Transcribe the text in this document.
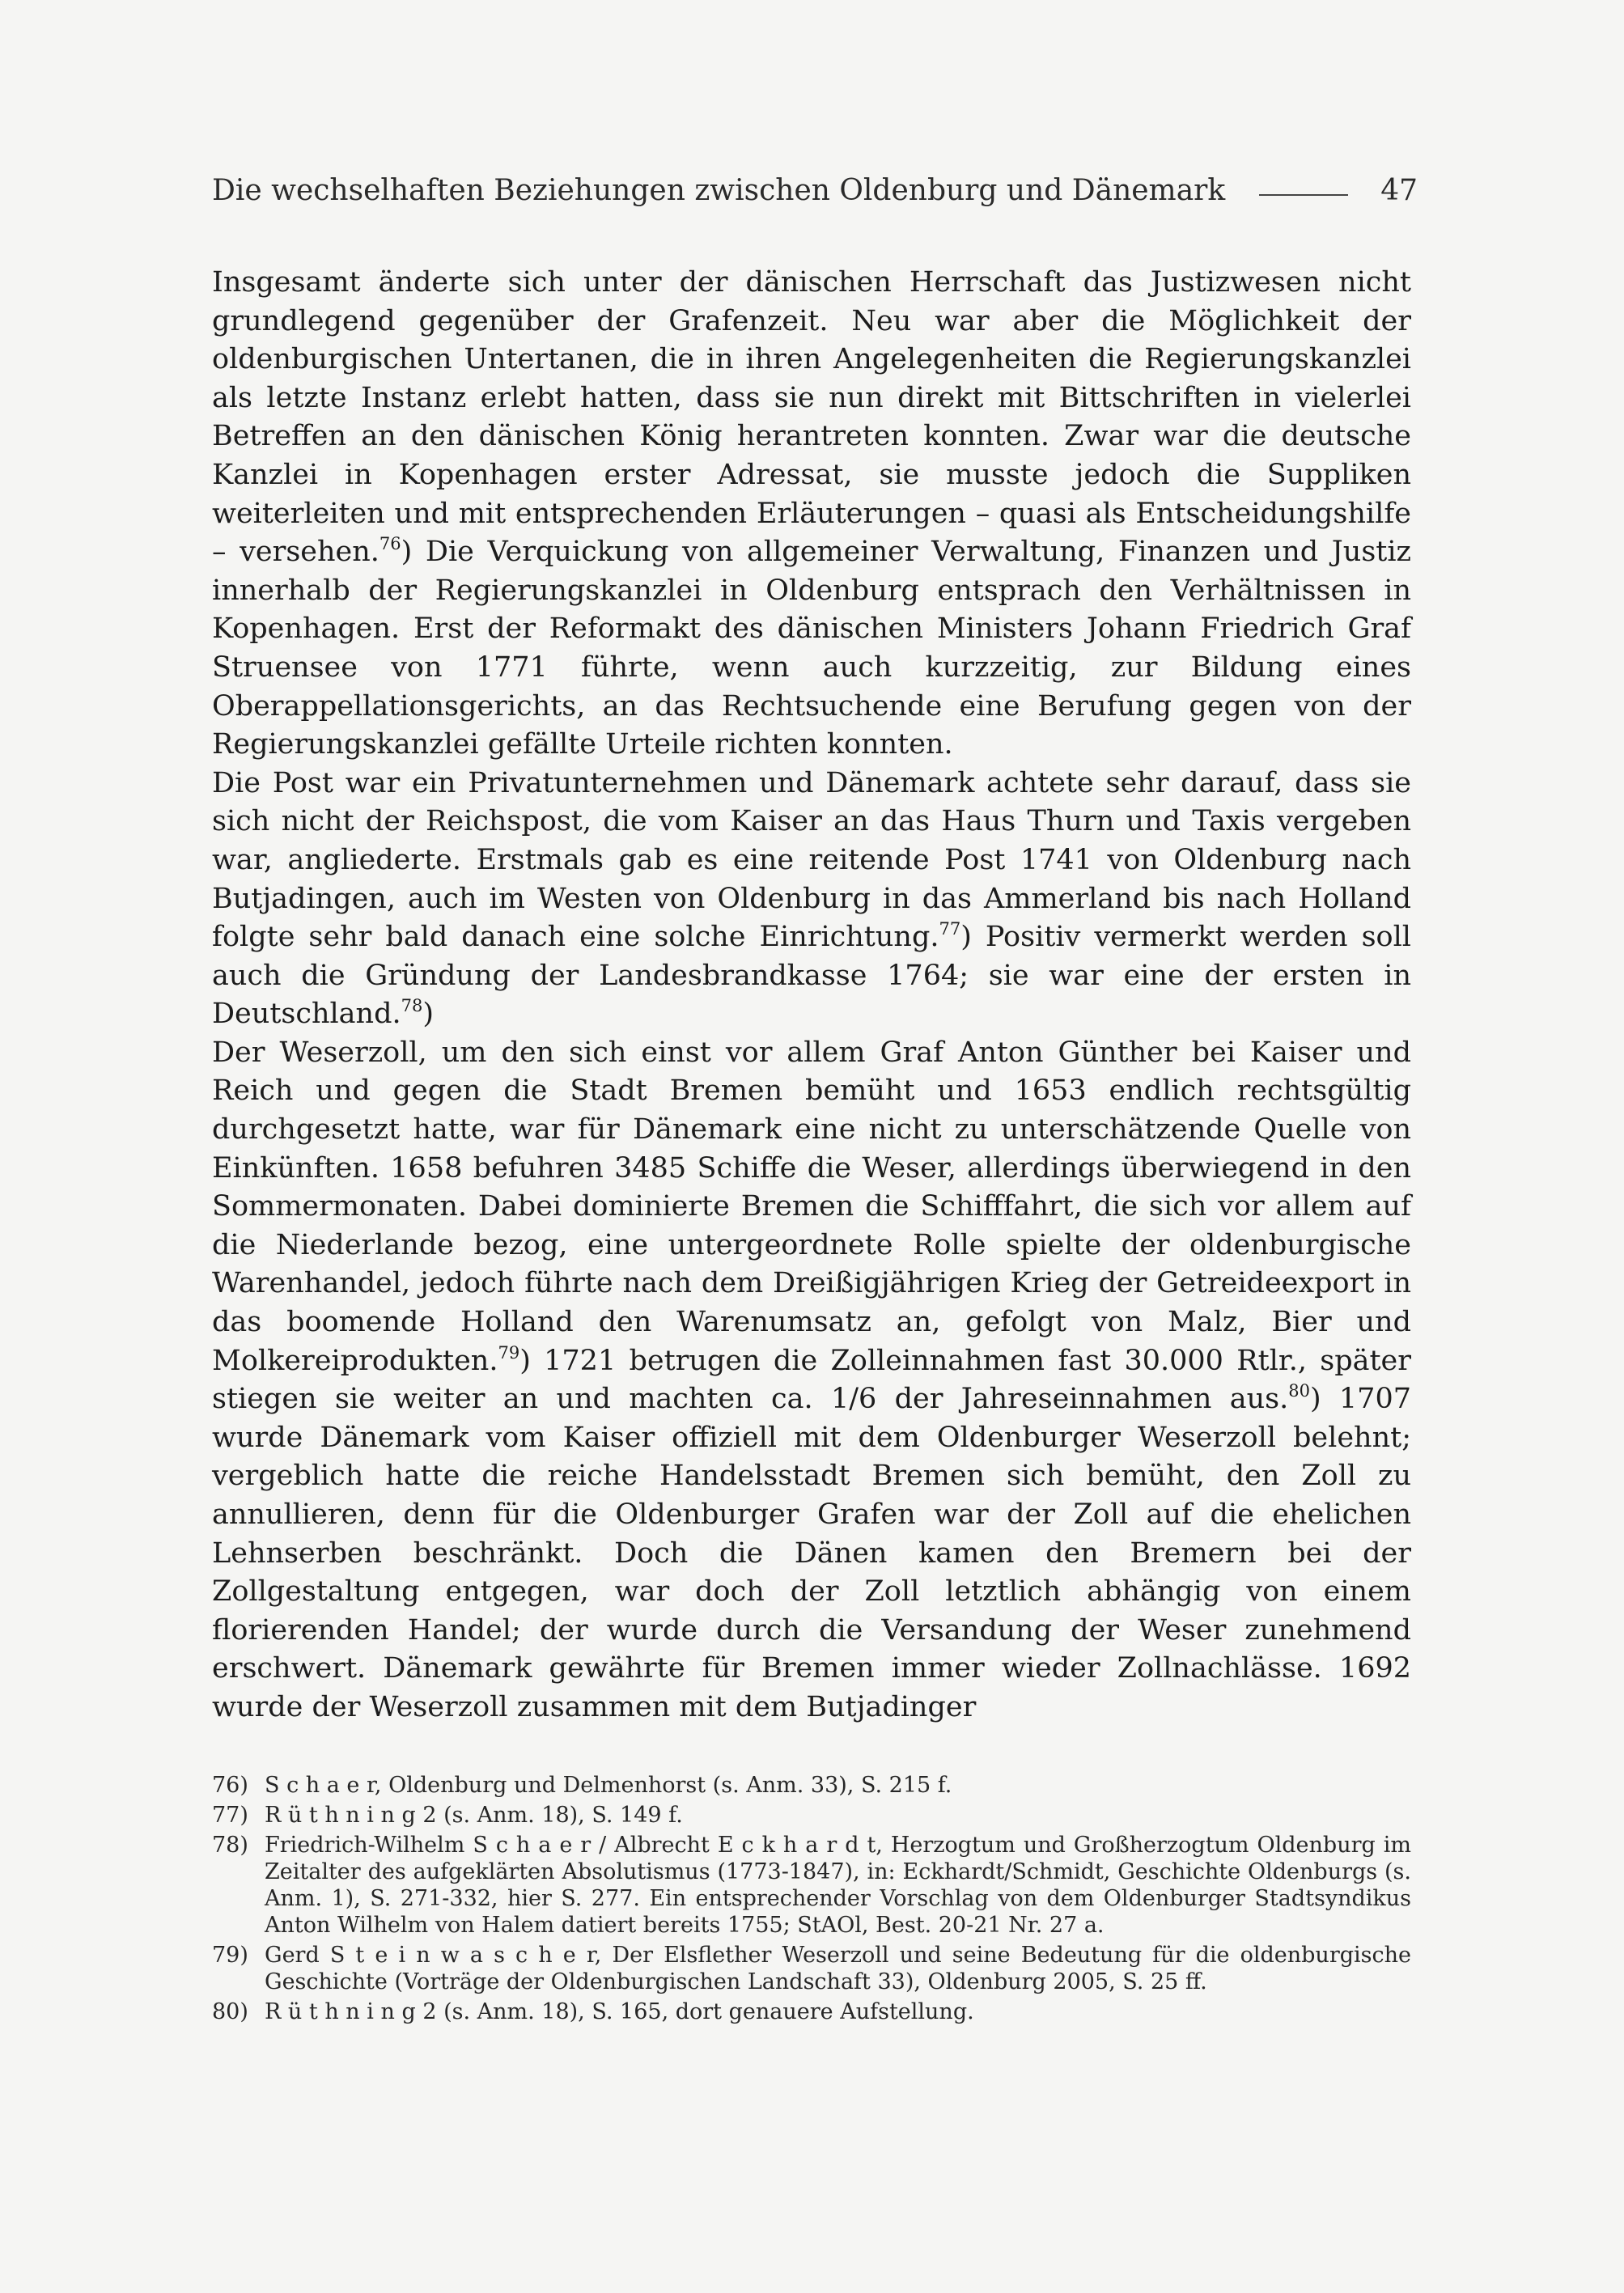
Die wechselhaften Beziehungen zwischen Oldenburg und Dänemark	47

Insgesamt änderte sich unter der dänischen Herrschaft das Justizwesen nicht grundlegend gegenüber der Grafenzeit. Neu war aber die Möglichkeit der oldenburgischen Untertanen, die in ihren Angelegenheiten die Regierungskanzlei als letzte Instanz erlebt hatten, dass sie nun direkt mit Bittschriften in vielerlei Betreffen an den dänischen König herantreten konnten. Zwar war die deutsche Kanzlei in Kopenhagen erster Adressat, sie musste jedoch die Suppliken weiterleiten und mit entsprechenden Erläuterungen – quasi als Entscheidungshilfe – versehen.$^{76}$) Die Verquickung von allgemeiner Verwaltung, Finanzen und Justiz innerhalb der Regierungskanzlei in Oldenburg entsprach den Verhältnissen in Kopenhagen. Erst der Reformakt des dänischen Ministers Johann Friedrich Graf Struensee von 1771 führte, wenn auch kurzzeitig, zur Bildung eines Oberappellationsgerichts, an das Rechtsuchende eine Berufung gegen von der Regierungskanzlei gefällte Urteile richten konnten.

Die Post war ein Privatunternehmen und Dänemark achtete sehr darauf, dass sie sich nicht der Reichspost, die vom Kaiser an das Haus Thurn und Taxis vergeben war, angliederte. Erstmals gab es eine reitende Post 1741 von Oldenburg nach Butjadingen, auch im Westen von Oldenburg in das Ammerland bis nach Holland folgte sehr bald danach eine solche Einrichtung.$^{77}$) Positiv vermerkt werden soll auch die Gründung der Landesbrandkasse 1764; sie war eine der ersten in Deutschland.$^{78}$)

Der Weserzoll, um den sich einst vor allem Graf Anton Günther bei Kaiser und Reich und gegen die Stadt Bremen bemüht und 1653 endlich rechtsgültig durchgesetzt hatte, war für Dänemark eine nicht zu unterschätzende Quelle von Einkünften. 1658 befuhren 3485 Schiffe die Weser, allerdings überwiegend in den Sommermonaten. Dabei dominierte Bremen die Schifffahrt, die sich vor allem auf die Niederlande bezog, eine untergeordnete Rolle spielte der oldenburgische Warenhandel, jedoch führte nach dem Dreißigjährigen Krieg der Getreideexport in das boomende Holland den Warenumsatz an, gefolgt von Malz, Bier und Molkereiprodukten.$^{79}$) 1721 betrugen die Zolleinnahmen fast 30.000 Rtlr., später stiegen sie weiter an und machten ca. 1/6 der Jahreseinnahmen aus.$^{80}$) 1707 wurde Dänemark vom Kaiser offiziell mit dem Oldenburger Weserzoll belehnt; vergeblich hatte die reiche Handelsstadt Bremen sich bemüht, den Zoll zu annullieren, denn für die Oldenburger Grafen war der Zoll auf die ehelichen Lehnserben beschränkt. Doch die Dänen kamen den Bremern bei der Zollgestaltung entgegen, war doch der Zoll letztlich abhängig von einem florierenden Handel; der wurde durch die Versandung der Weser zunehmend erschwert. Dänemark gewährte für Bremen immer wieder Zollnachlässe. 1692 wurde der Weserzoll zusammen mit dem Butjadinger

76) S c h a e r, Oldenburg und Delmenhorst (s. Anm. 33), S. 215 f.
77) R ü t h n i n g 2 (s. Anm. 18), S. 149 f.
78) Friedrich-Wilhelm S c h a e r / Albrecht E c k h a r d t, Herzogtum und Großherzogtum Oldenburg im Zeitalter des aufgeklärten Absolutismus (1773-1847), in: Eckhardt/Schmidt, Geschichte Oldenburgs (s. Anm. 1), S. 271-332, hier S. 277. Ein entsprechender Vorschlag von dem Oldenburger Stadtsyndikus Anton Wilhelm von Halem datiert bereits 1755; StAOl, Best. 20-21 Nr. 27 a.
79) Gerd S t e i n w a s c h e r, Der Elsflether Weserzoll und seine Bedeutung für die oldenburgische Geschichte (Vorträge der Oldenburgischen Landschaft 33), Oldenburg 2005, S. 25 ff.
80) R ü t h n i n g 2 (s. Anm. 18), S. 165, dort genauere Aufstellung.
